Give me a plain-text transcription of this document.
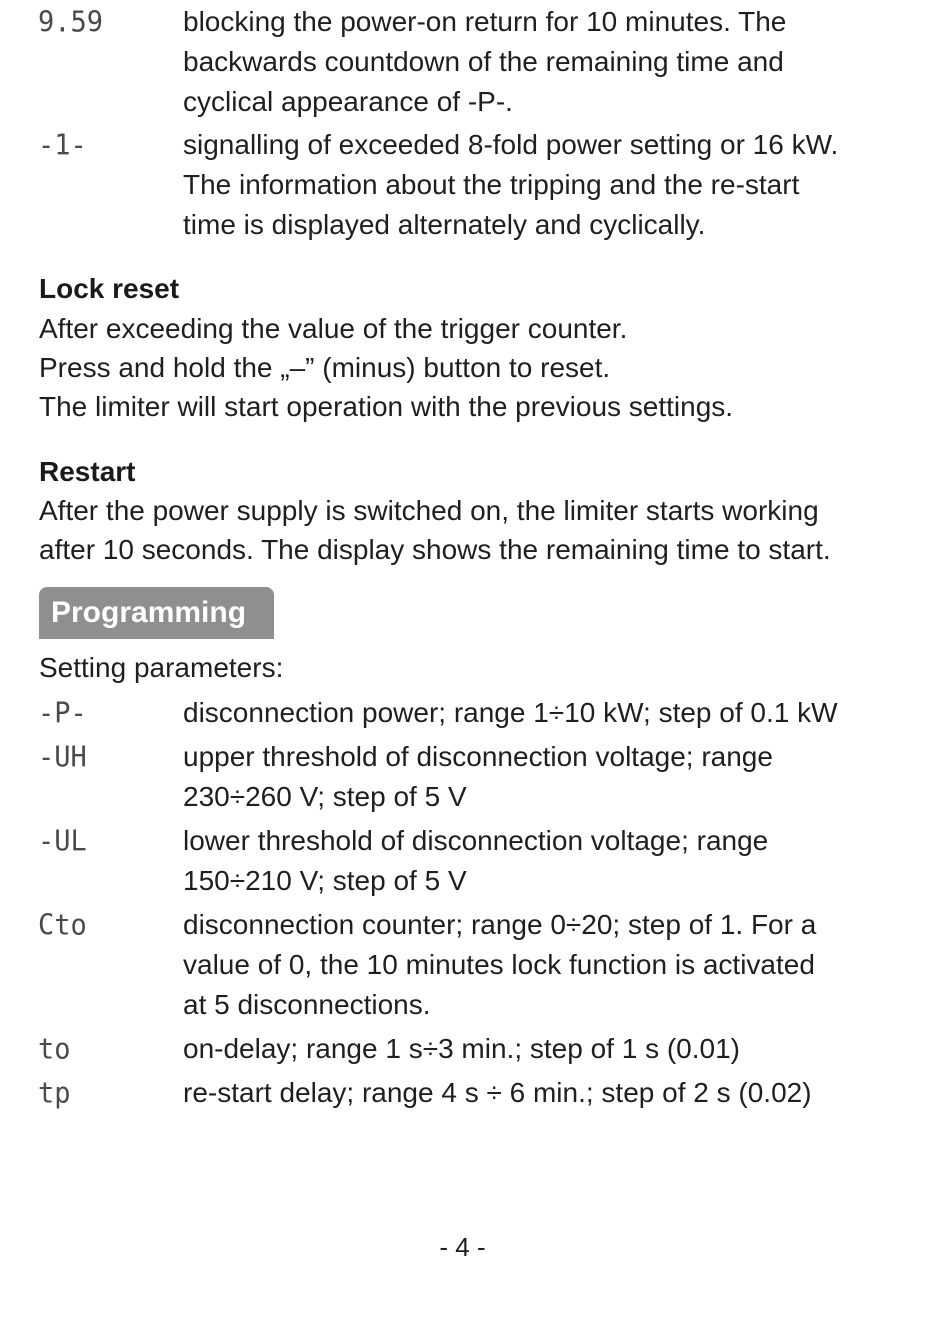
9.59	blocking the power-on return for 10 minutes. The
backwards countdown of the remaining time and
cyclical appearance of -P-.
-1-	signalling of exceeded 8-fold power setting or 16 kW.
The information about the tripping and the re-start
time is displayed alternately and cyclically.
Lock reset
After exceeding the value of the trigger counter.
Press and hold the „–” (minus) button to reset.
The limiter will start operation with the previous settings.
Restart
After the power supply is switched on, the limiter starts working
after 10 seconds. The display shows the remaining time to start.
Programming
Setting parameters:
-P-	disconnection power; range 1÷10 kW; step of 0.1 kW
-UH	upper threshold of disconnection voltage; range
230÷260 V; step of 5 V
-UL	lower threshold of disconnection voltage; range
150÷210 V; step of 5 V
Cto	disconnection counter; range 0÷20; step of 1. For a
value of 0, the 10 minutes lock function is activated
at 5 disconnections.
to	on-delay; range 1 s÷3 min.; step of 1 s (0.01)
tp	re-start delay; range 4 s ÷ 6 min.; step of 2 s (0.02)
- 4 -
